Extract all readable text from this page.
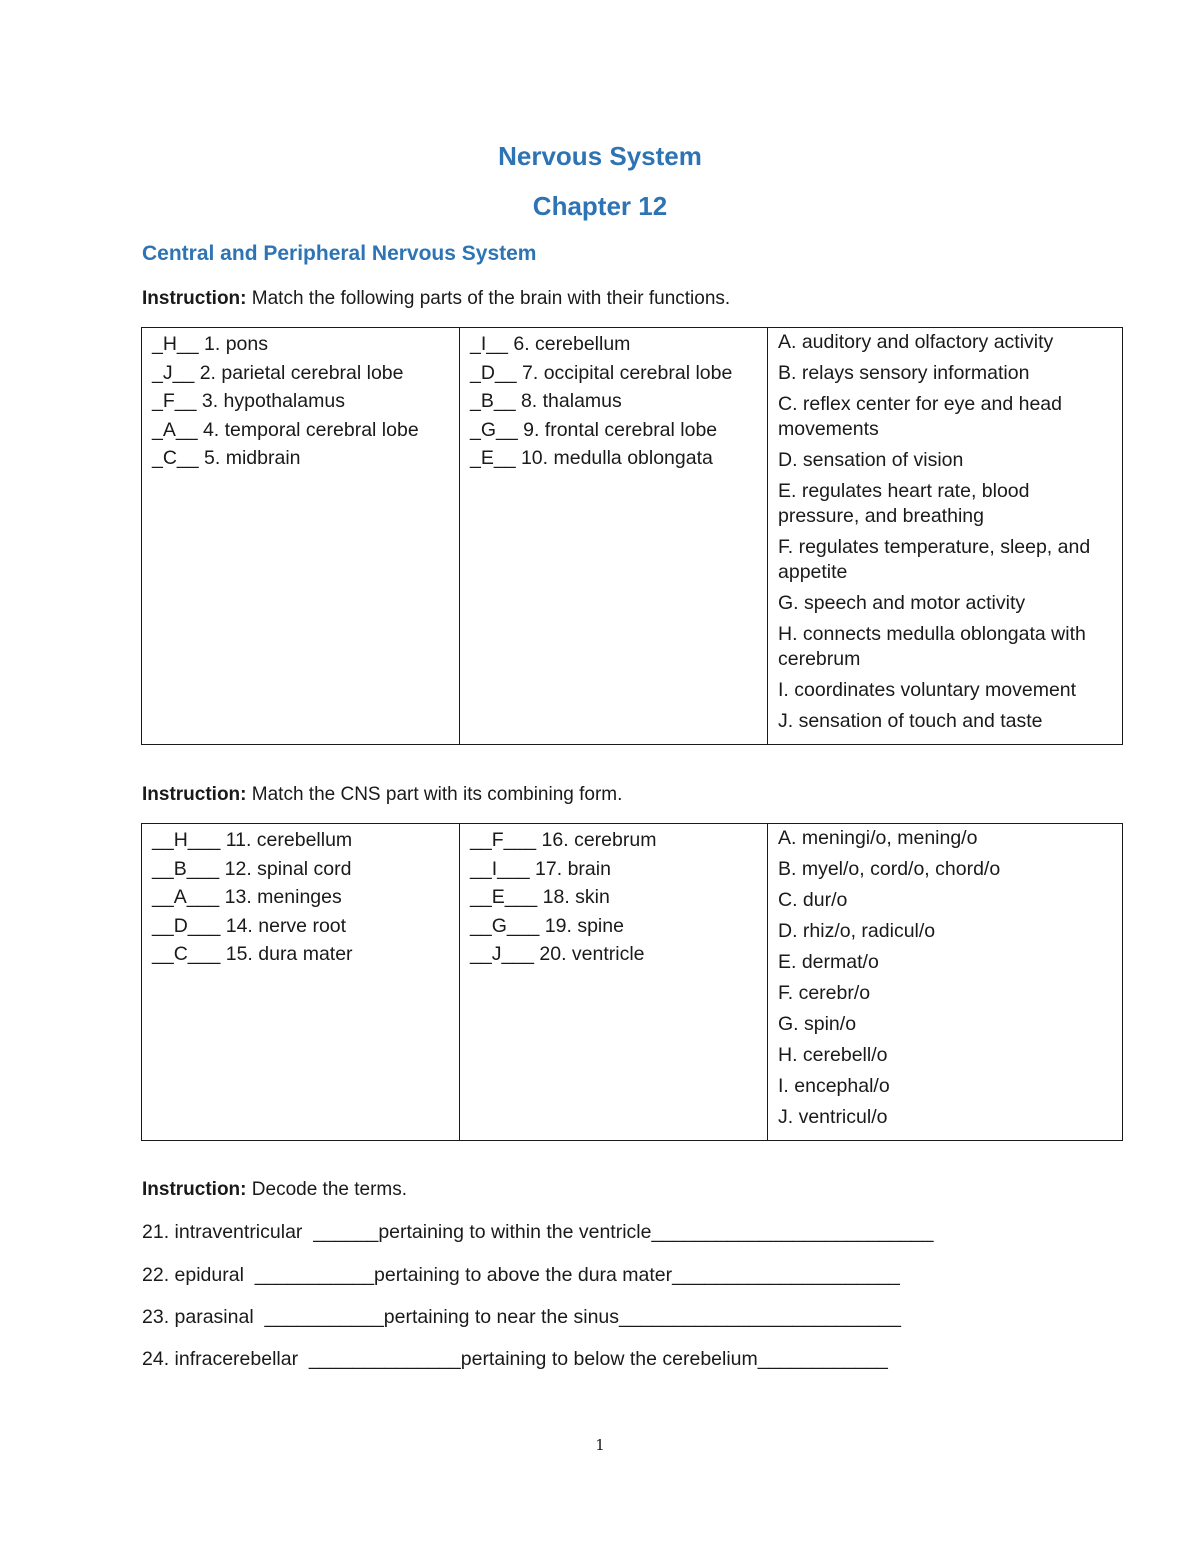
Nervous System
Chapter 12
Central and Peripheral Nervous System
Instruction: Match the following parts of the brain with their functions.
_H__ 1. pons
_J__ 2. parietal cerebral lobe
_F__ 3. hypothalamus
_A__ 4. temporal cerebral lobe
_C__ 5. midbrain

_I__ 6. cerebellum
_D__ 7. occipital cerebral lobe
_B__ 8. thalamus
_G__ 9. frontal cerebral lobe
_E__ 10. medulla oblongata

A. auditory and olfactory activity
B. relays sensory information
C. reflex center for eye and head movements
D. sensation of vision
E. regulates heart rate, blood pressure, and breathing
F. regulates temperature, sleep, and appetite
G. speech and motor activity
H. connects medulla oblongata with cerebrum
I. coordinates voluntary movement
J. sensation of touch and taste
Instruction: Match the CNS part with its combining form.
__H___ 11. cerebellum
__B___ 12. spinal cord
__A___ 13. meninges
__D___ 14. nerve root
__C___ 15. dura mater

__F___ 16. cerebrum
__I___ 17. brain
__E___ 18. skin
__G___ 19. spine
__J___ 20. ventricle

A. meningi/o, mening/o
B. myel/o, cord/o, chord/o
C. dur/o
D. rhiz/o, radicul/o
E. dermat/o
F. cerebr/o
G. spin/o
H. cerebell/o
I. encephal/o
J. ventricul/o
Instruction: Decode the terms.
21. intraventricular  ______pertaining to within the ventricle__________________________
22. epidural  ___________pertaining to above the dura mater_____________________
23. parasinal  ___________pertaining to near the sinus__________________________
24. infracerebellar  ______________pertaining to below the cerebelium____________
1
